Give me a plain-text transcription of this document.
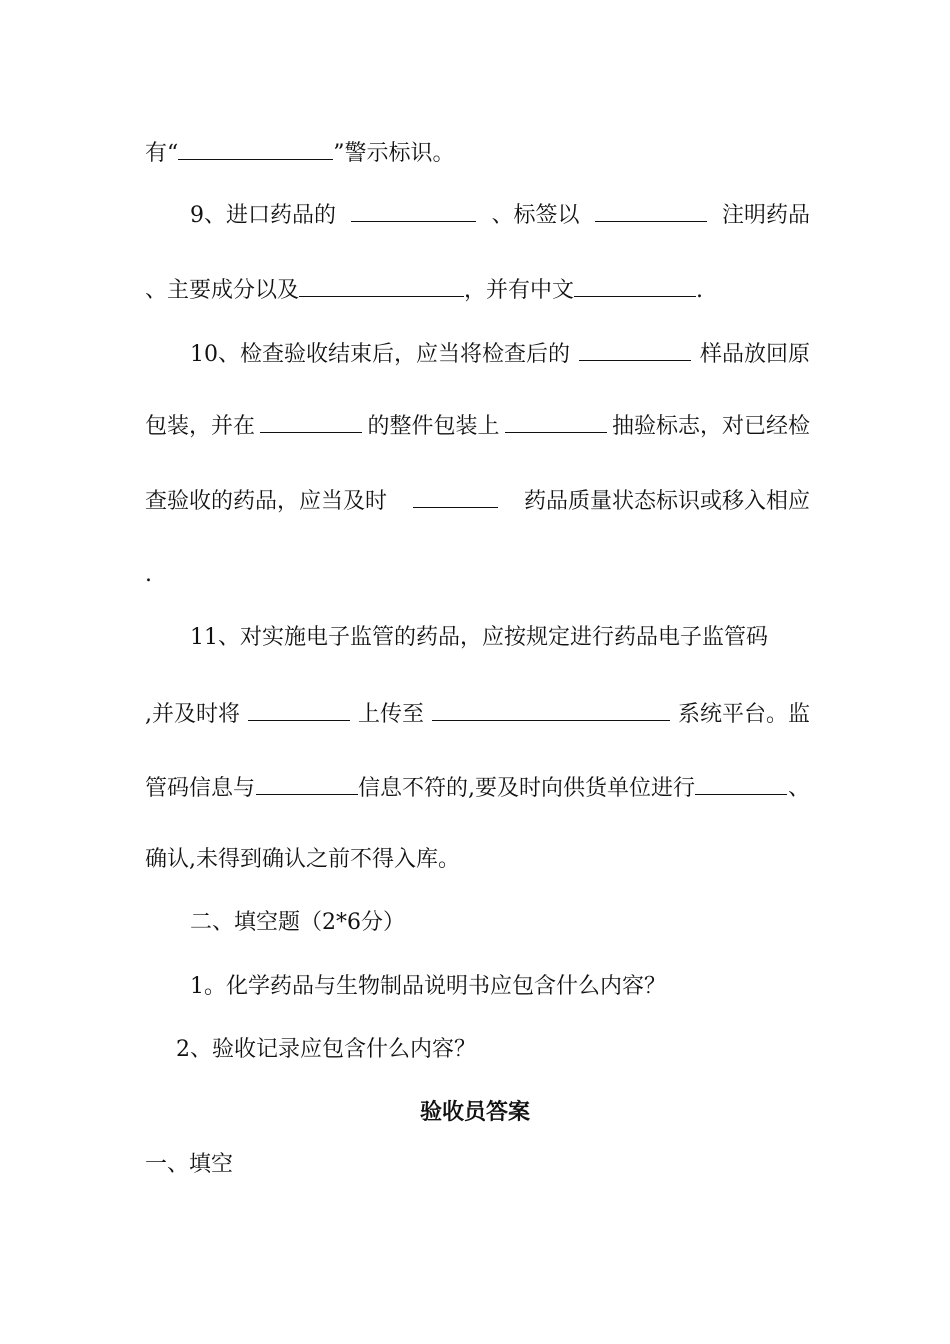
有“	”警示标识。
9、进口药品的	、标签以	注明药品
、主要成分以及	，并有中文	.
10、检查验收结束后，应当将检查后的	样品放回原
包装，并在	的整件包装上	抽验标志，对已经检
查验收的药品，应当及时	药品质量状态标识或移入相应
.
11、对实施电子监管的药品，应按规定进行药品电子监管码
,并及时将	上传至	系统平台。监
管码信息与	信息不符的,要及时向供货单位进行	、
确认,未得到确认之前不得入库。
二、填空题（2*6分）
1。化学药品与生物制品说明书应包含什么内容？
2、验收记录应包含什么内容？
验收员答案
一、填空
